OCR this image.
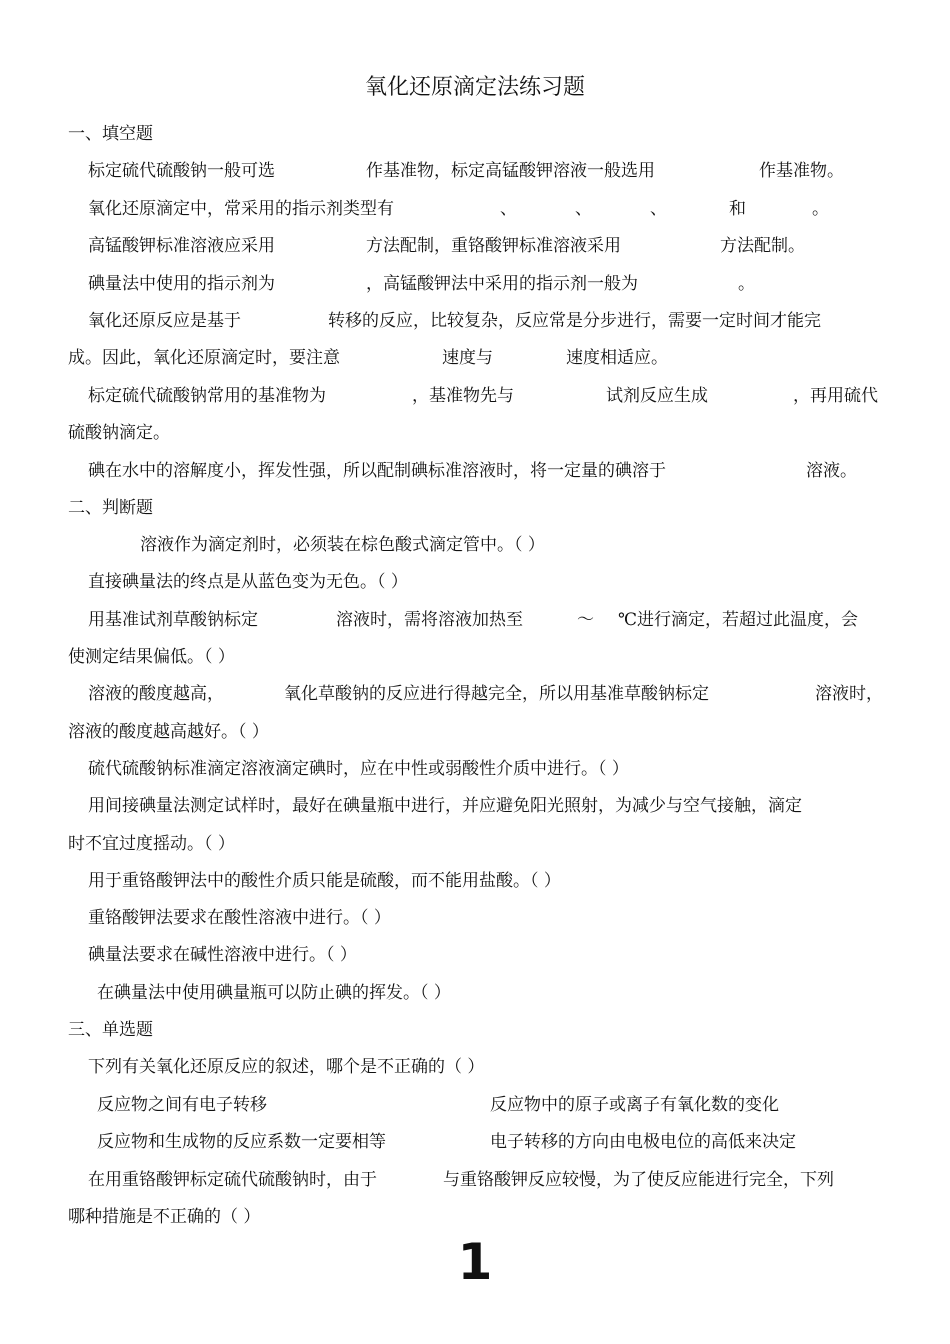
氧化还原滴定法练习题
一、填空题
标定硫代硫酸钠一般可选	作基准物，标定高锰酸钾溶液一般选用	作基准物。
氧化还原滴定中，常采用的指示剂类型有	、	、	、	和	。
高锰酸钾标准溶液应采用	方法配制，重铬酸钾标准溶液采用	方法配制。
碘量法中使用的指示剂为	，高锰酸钾法中采用的指示剂一般为	。
氧化还原反应是基于	转移的反应，比较复杂，反应常是分步进行，需要一定时间才能完
成。因此，氧化还原滴定时，要注意	速度与	速度相适应。
标定硫代硫酸钠常用的基准物为	，基准物先与	试剂反应生成	，再用硫代
硫酸钠滴定。
碘在水中的溶解度小，挥发性强，所以配制碘标准溶液时，将一定量的碘溶于	溶液。
二、判断题
溶液作为滴定剂时，必须装在棕色酸式滴定管中。（ ）
直接碘量法的终点是从蓝色变为无色。（ ）
用基准试剂草酸钠标定	溶液时，需将溶液加热至	～ ℃进行滴定，若超过此温度，会
使测定结果偏低。（ ）
溶液的酸度越高，	氧化草酸钠的反应进行得越完全，所以用基准草酸钠标定	溶液时，
溶液的酸度越高越好。（ ）
硫代硫酸钠标准滴定溶液滴定碘时，应在中性或弱酸性介质中进行。（ ）
用间接碘量法测定试样时，最好在碘量瓶中进行，并应避免阳光照射，为减少与空气接触，滴定
时不宜过度摇动。（ ）
用于重铬酸钾法中的酸性介质只能是硫酸，而不能用盐酸。（ ）
重铬酸钾法要求在酸性溶液中进行。（ ）
碘量法要求在碱性溶液中进行。（ ）
在碘量法中使用碘量瓶可以防止碘的挥发。（ ）
三、单选题
下列有关氧化还原反应的叙述，哪个是不正确的（ ）
反应物之间有电子转移	反应物中的原子或离子有氧化数的变化
反应物和生成物的反应系数一定要相等	电子转移的方向由电极电位的高低来决定
在用重铬酸钾标定硫代硫酸钠时，由于	与重铬酸钾反应较慢，为了使反应能进行完全，下列
哪种措施是不正确的（ ）
1
